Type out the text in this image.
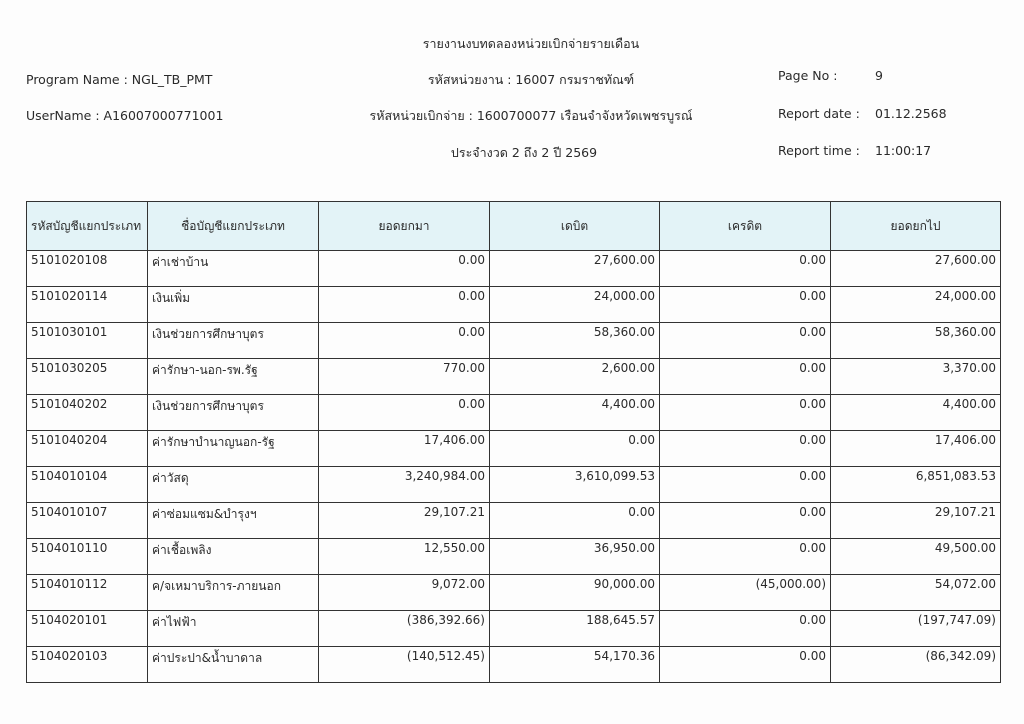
รายงานงบทดลองหน่วยเบิกจ่ายรายเดือน
รหัสหน่วยงาน : 16007 กรมราชทัณฑ์
รหัสหน่วยเบิกจ่าย : 1600700077 เรือนจำจังหวัดเพชรบูรณ์
ประจำงวด 2 ถึง 2 ปี 2569
Program Name : NGL_TB_PMT
UserName : A16007000771001
Page No :	9
Report date : 01.12.2568
Report time : 11:00:17
รหัสบัญชีแยกประเภท	ชื่อบัญชีแยกประเภท	ยอดยกมา	เดบิต	เครดิต	ยอดยกไป
5101020108	ค่าเช่าบ้าน	0.00	27,600.00	0.00	27,600.00
5101020114	เงินเพิ่ม	0.00	24,000.00	0.00	24,000.00
5101030101	เงินช่วยการศึกษาบุตร	0.00	58,360.00	0.00	58,360.00
5101030205	ค่ารักษา-นอก-รพ.รัฐ	770.00	2,600.00	0.00	3,370.00
5101040202	เงินช่วยการศึกษาบุตร	0.00	4,400.00	0.00	4,400.00
5101040204	ค่ารักษาบำนาญนอก-รัฐ	17,406.00	0.00	0.00	17,406.00
5104010104	ค่าวัสดุ	3,240,984.00	3,610,099.53	0.00	6,851,083.53
5104010107	ค่าซ่อมแซม&บำรุงฯ	29,107.21	0.00	0.00	29,107.21
5104010110	ค่าเชื้อเพลิง	12,550.00	36,950.00	0.00	49,500.00
5104010112	ค/จเหมาบริการ-ภายนอก	9,072.00	90,000.00	(45,000.00)	54,072.00
5104020101	ค่าไฟฟ้า	(386,392.66)	188,645.57	0.00	(197,747.09)
5104020103	ค่าประปา&น้ำบาดาล	(140,512.45)	54,170.36	0.00	(86,342.09)
